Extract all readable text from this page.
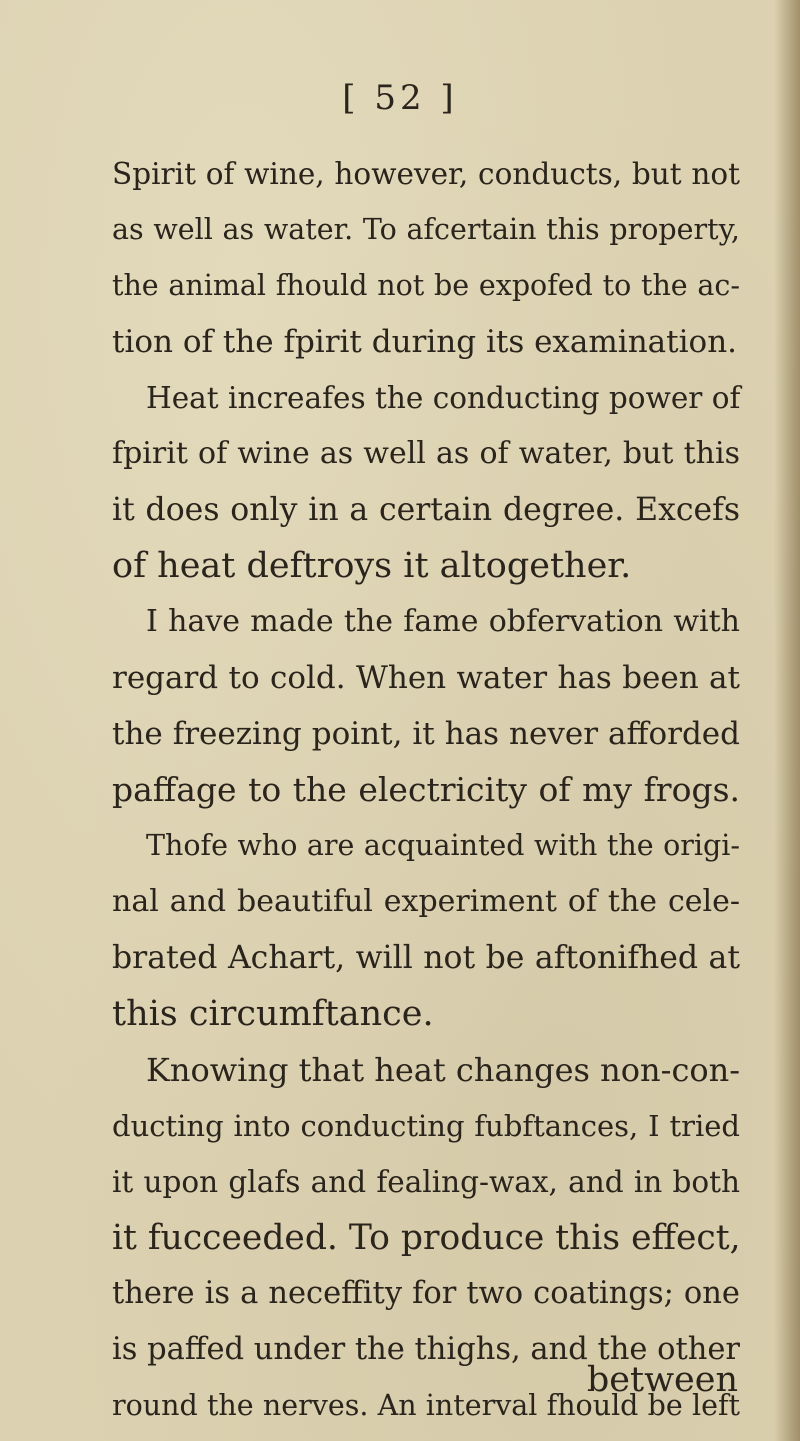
[ 52 ]

Spirit of wine, however, conducts, but not
as well as water. To afcertain this property,
the animal fhould not be expofed to the ac-
tion of the fpirit during its examination.
Heat increafes the conducting power of
fpirit of wine as well as of water, but this
it does only in a certain degree. Excefs
of heat deftroys it altogether.
I have made the fame obfervation with
regard to cold. When water has been at
the freezing point, it has never afforded
paffage to the electricity of my frogs.
Thofe who are acquainted with the origi-
nal and beautiful experiment of the cele-
brated Achart, will not be aftonifhed at
this circumftance.
Knowing that heat changes non-con-
ducting into conducting fubftances, I tried
it upon glafs and fealing-wax, and in both
it fucceeded. To produce this effect,
there is a neceffity for two coatings; one
is paffed under the thighs, and the other
round the nerves. An interval fhould be left
between
